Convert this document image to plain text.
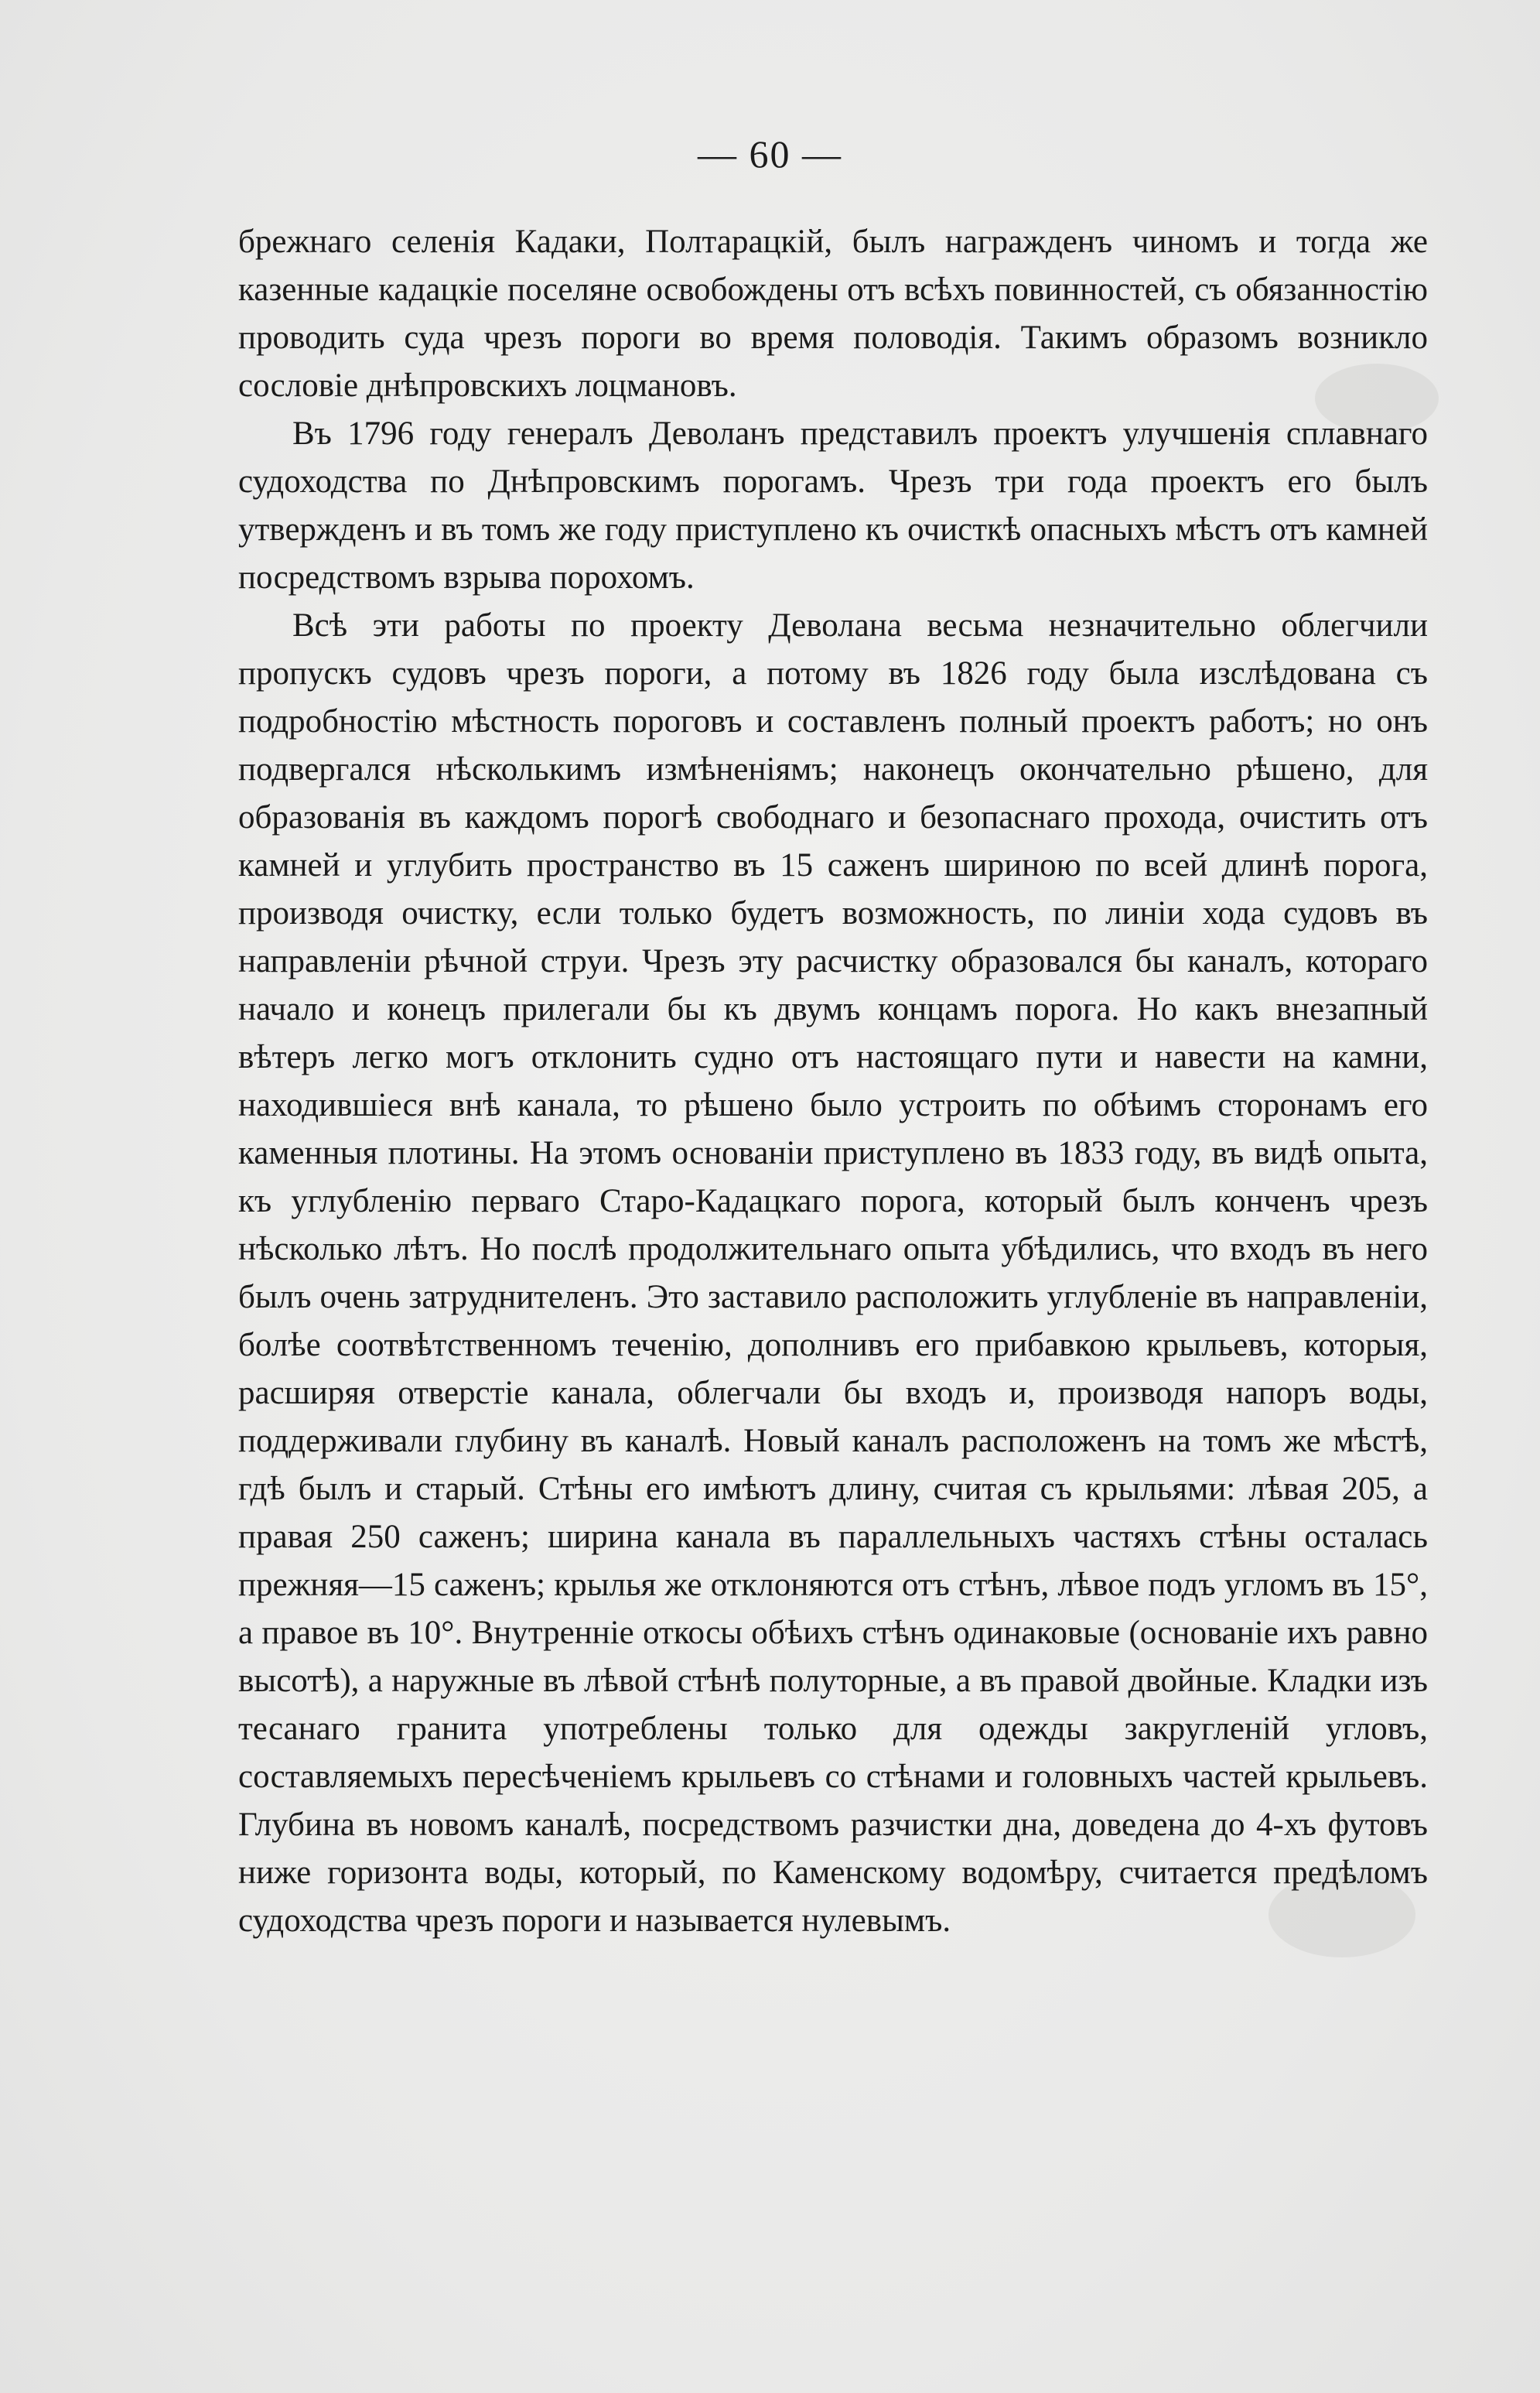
— 60 —

брежнаго селенія Кадаки, Полтарацкій, былъ награжденъ чиномъ и тогда же казенные кадацкіе поселяне освобождены отъ всѣхъ повинностей, съ обязанностію проводить суда чрезъ пороги во время половодія. Такимъ образомъ возникло сословіе днѣпровскихъ лоцмановъ.

Въ 1796 году генералъ Деволанъ представилъ проектъ улучшенія сплавнаго судоходства по Днѣпровскимъ порогамъ. Чрезъ три года проектъ его былъ утвержденъ и въ томъ же году приступлено къ очисткѣ опасныхъ мѣстъ отъ камней посредствомъ взрыва порохомъ.

Всѣ эти работы по проекту Деволана весьма незначительно облегчили пропускъ судовъ чрезъ пороги, а потому въ 1826 году была изслѣдована съ подробностію мѣстность пороговъ и составленъ полный проектъ работъ; но онъ подвергался нѣсколькимъ измѣненіямъ; наконецъ окончательно рѣшено, для образованія въ каждомъ порогѣ свободнаго и безопаснаго прохода, очистить отъ камней и углубить пространство въ 15 саженъ шириною по всей длинѣ порога, производя очистку, если только будетъ возможность, по линіи хода судовъ въ направленіи рѣчной струи. Чрезъ эту расчистку образовался бы каналъ, котораго начало и конецъ прилегали бы къ двумъ концамъ порога. Но какъ внезапный вѣтеръ легко могъ отклонить судно отъ настоящаго пути и навести на камни, находившіеся внѣ канала, то рѣшено было устроить по обѣимъ сторонамъ его каменныя плотины. На этомъ основаніи приступлено въ 1833 году, въ видѣ опыта, къ углубленію перваго Старо-Кадацкаго порога, который былъ конченъ чрезъ нѣсколько лѣтъ. Но послѣ продолжительнаго опыта убѣдились, что входъ въ него былъ очень затруднителенъ. Это заставило расположить углубленіе въ направленіи, болѣе соотвѣтственномъ теченію, дополнивъ его прибавкою крыльевъ, которыя, расширяя отверстіе канала, облегчали бы входъ и, производя напоръ воды, поддерживали глубину въ каналѣ. Новый каналъ расположенъ на томъ же мѣстѣ, гдѣ былъ и старый. Стѣны его имѣютъ длину, считая съ крыльями: лѣвая 205, а правая 250 саженъ; ширина канала въ параллельныхъ частяхъ стѣны осталась прежняя—15 саженъ; крылья же отклоняются отъ стѣнъ, лѣвое подъ угломъ въ 15°, а правое въ 10°. Внутренніе откосы обѣихъ стѣнъ одинаковые (основаніе ихъ равно высотѣ), а наружные въ лѣвой стѣнѣ полуторные, а въ правой двойные. Кладки изъ тесанаго гранита употреблены только для одежды закругленій угловъ, составляемыхъ пересѣченіемъ крыльевъ со стѣнами и головныхъ частей крыльевъ. Глубина въ новомъ каналѣ, посредствомъ разчистки дна, доведена до 4-хъ футовъ ниже горизонта воды, который, по Каменскому водомѣру, считается предѣломъ судоходства чрезъ пороги и называется нулевымъ.
